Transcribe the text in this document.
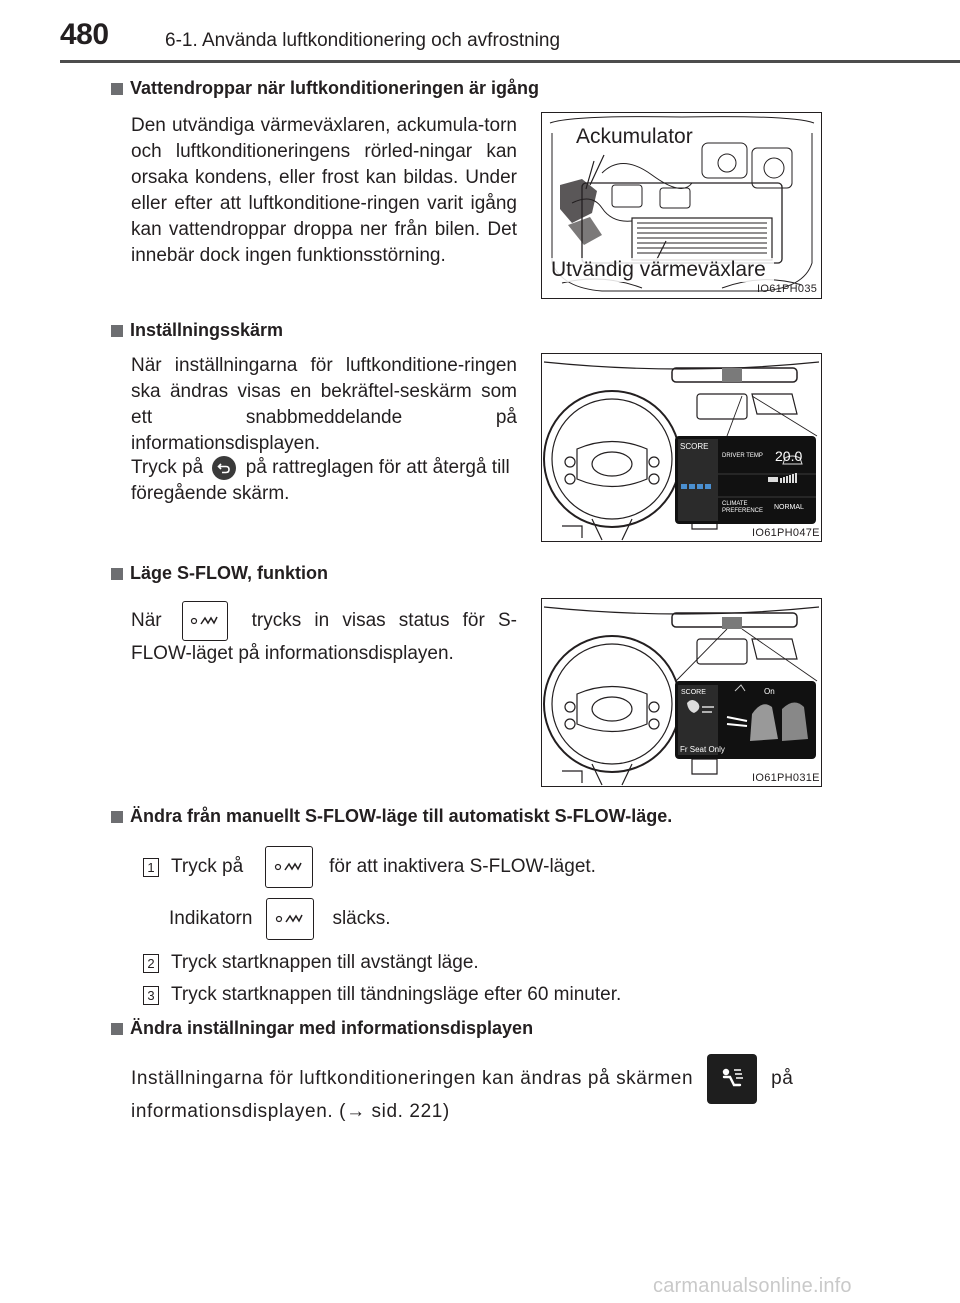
480	6-1. Använda luftkonditionering och avfrostning
Vattendroppar när luftkonditioneringen är igång
Den utvändiga värmeväxlaren, ackumula-torn och luftkonditioneringens rörled-ningar kan orsaka kondens, eller frost kan bildas. Under eller efter att luftkonditione-ringen varit igång kan vattendroppar droppa ner från bilen. Det innebär dock ingen funktionsstörning.
Ackumulator
Utvändig värmeväxlare
IO61PH035
Inställningsskärm
När inställningarna för luftkonditione-ringen ska ändras visas en bekräftel-seskärm som ett snabbmeddelande på informationsdisplayen.
Tryck på på rattreglagen för att återgå till föregående skärm.
SCORE
DRIVER TEMP 20.0
CLIMATE
PREFERENCE NORMAL
IO61PH047E
Läge S-FLOW, funktion
När	trycks in visas status för S-
FLOW-läget på informationsdisplayen.
SCORE	On
Fr Seat Only
IO61PH031E
Ändra från manuellt S-FLOW-läge till automatiskt S-FLOW-läge.
1 Tryck på	för att inaktivera S-FLOW-läget.
Indikatorn	släcks.
2 Tryck startknappen till avstängt läge.
3 Tryck startknappen till tändningsläge efter 60 minuter.
Ändra inställningar med informationsdisplayen
Inställningarna för luftkonditioneringen kan ändras på skärmen	på
informationsdisplayen. (→ sid. 221)
carmanualsonline.info
